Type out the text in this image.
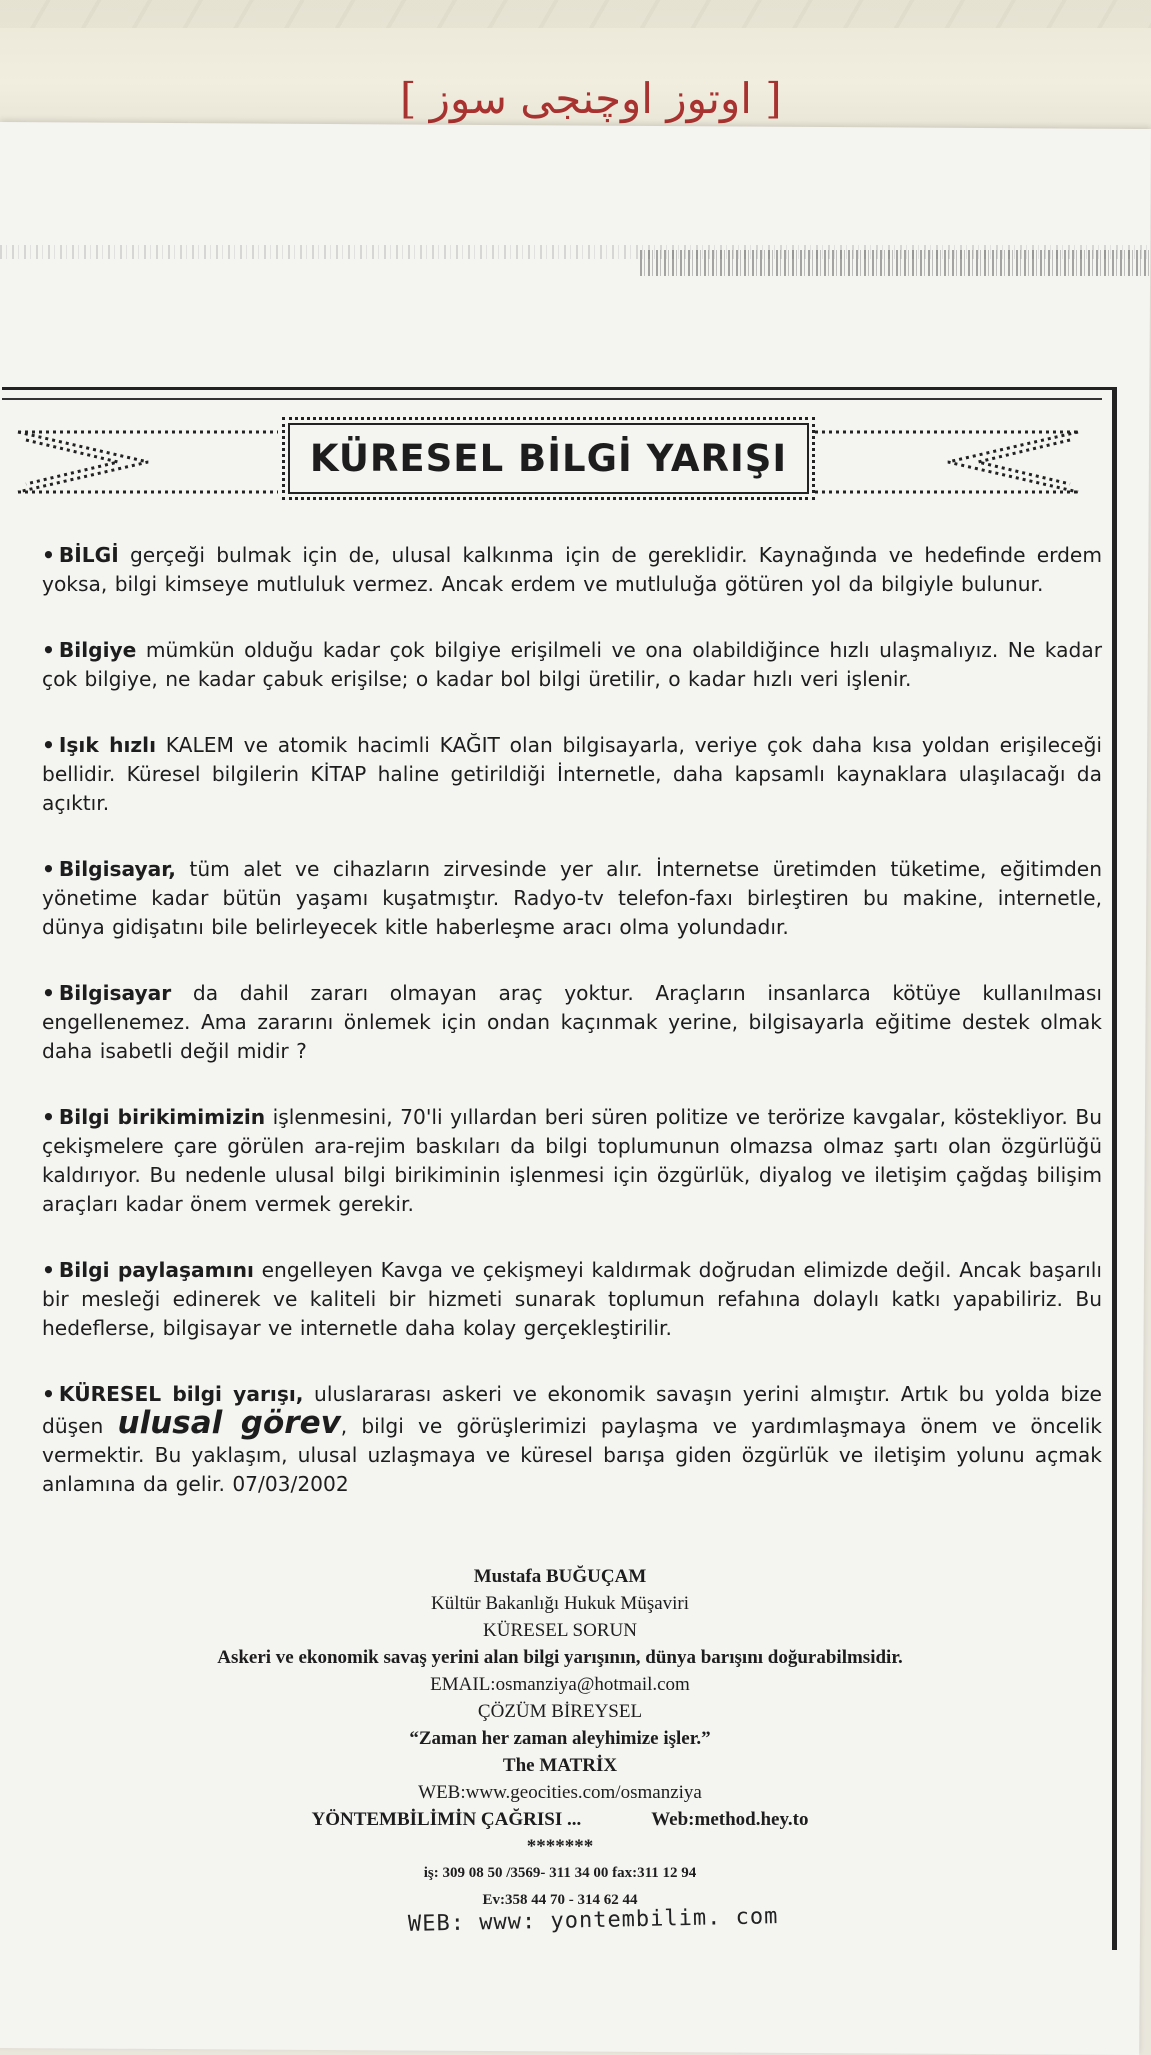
[ اوتوز اوچنجی سوز ]
KÜRESEL BİLGİ YARIŞI

• BİLGİ gerçeği bulmak için de, ulusal kalkınma için de gereklidir. Kaynağında ve hedefinde erdem yoksa, bilgi kimseye mutluluk vermez. Ancak erdem ve mutluluğa götüren yol da bilgiyle bulunur.

• Bilgiye mümkün olduğu kadar çok bilgiye erişilmeli ve ona olabildiğince hızlı ulaşmalıyız. Ne kadar çok bilgiye, ne kadar çabuk erişilse; o kadar bol bilgi üretilir, o kadar hızlı veri işlenir.

• Işık hızlı KALEM ve atomik hacimli KAĞIT olan bilgisayarla, veriye çok daha kısa yoldan erişileceği bellidir. Küresel bilgilerin KİTAP haline getirildiği İnternetle, daha kapsamlı kaynaklara ulaşılacağı da açıktır.

• Bilgisayar, tüm alet ve cihazların zirvesinde yer alır. İnternetse üretimden tüketime, eğitimden yönetime kadar bütün yaşamı kuşatmıştır. Radyo-tv telefon-faxı birleştiren bu makine, internetle, dünya gidişatını bile belirleyecek kitle haberleşme aracı olma yolundadır.

• Bilgisayar da dahil zararı olmayan araç yoktur. Araçların insanlarca kötüye kullanılması engellenemez. Ama zararını önlemek için ondan kaçınmak yerine, bilgisayarla eğitime destek olmak daha isabetli değil midir ?

• Bilgi birikimimizin işlenmesini, 70'li yıllardan beri süren politize ve terörize kavgalar, köstekliyor. Bu çekişmelere çare görülen ara-rejim baskıları da bilgi toplumunun olmazsa olmaz şartı olan özgürlüğü kaldırıyor. Bu nedenle ulusal bilgi birikiminin işlenmesi için özgürlük, diyalog ve iletişim çağdaş bilişim araçları kadar önem vermek gerekir.

• Bilgi paylaşamını engelleyen Kavga ve çekişmeyi kaldırmak doğrudan elimizde değil. Ancak başarılı bir mesleği edinerek ve kaliteli bir hizmeti sunarak toplumun refahına dolaylı katkı yapabiliriz. Bu hedeflerse, bilgisayar ve internetle daha kolay gerçekleştirilir.

• KÜRESEL bilgi yarışı, uluslararası askeri ve ekonomik savaşın yerini almıştır. Artık bu yolda bize düşen ulusal görev, bilgi ve görüşlerimizi paylaşma ve yardımlaşmaya önem ve öncelik vermektir. Bu yaklaşım, ulusal uzlaşmaya ve küresel barışa giden özgürlük ve iletişim yolunu açmak anlamına da gelir. 07/03/2002

Mustafa BUĞUÇAM
Kültür Bakanlığı Hukuk Müşaviri
KÜRESEL SORUN
Askeri ve ekonomik savaş yerini alan bilgi yarışının, dünya barışını doğurabilmsidir.
EMAIL:osmanziya@hotmail.com
ÇÖZÜM BİREYSEL
“Zaman her zaman aleyhimize işler.”
The MATRİX
WEB:www.geocities.com/osmanziya
YÖNTEMBİLİMİN ÇAĞRISI ...	Web:method.hey.to
*******
iş: 309 08 50 /3569- 311 34 00 fax:311 12 94
Ev:358 44 70 - 314 62 44
WEB: www: yontembilim. com
